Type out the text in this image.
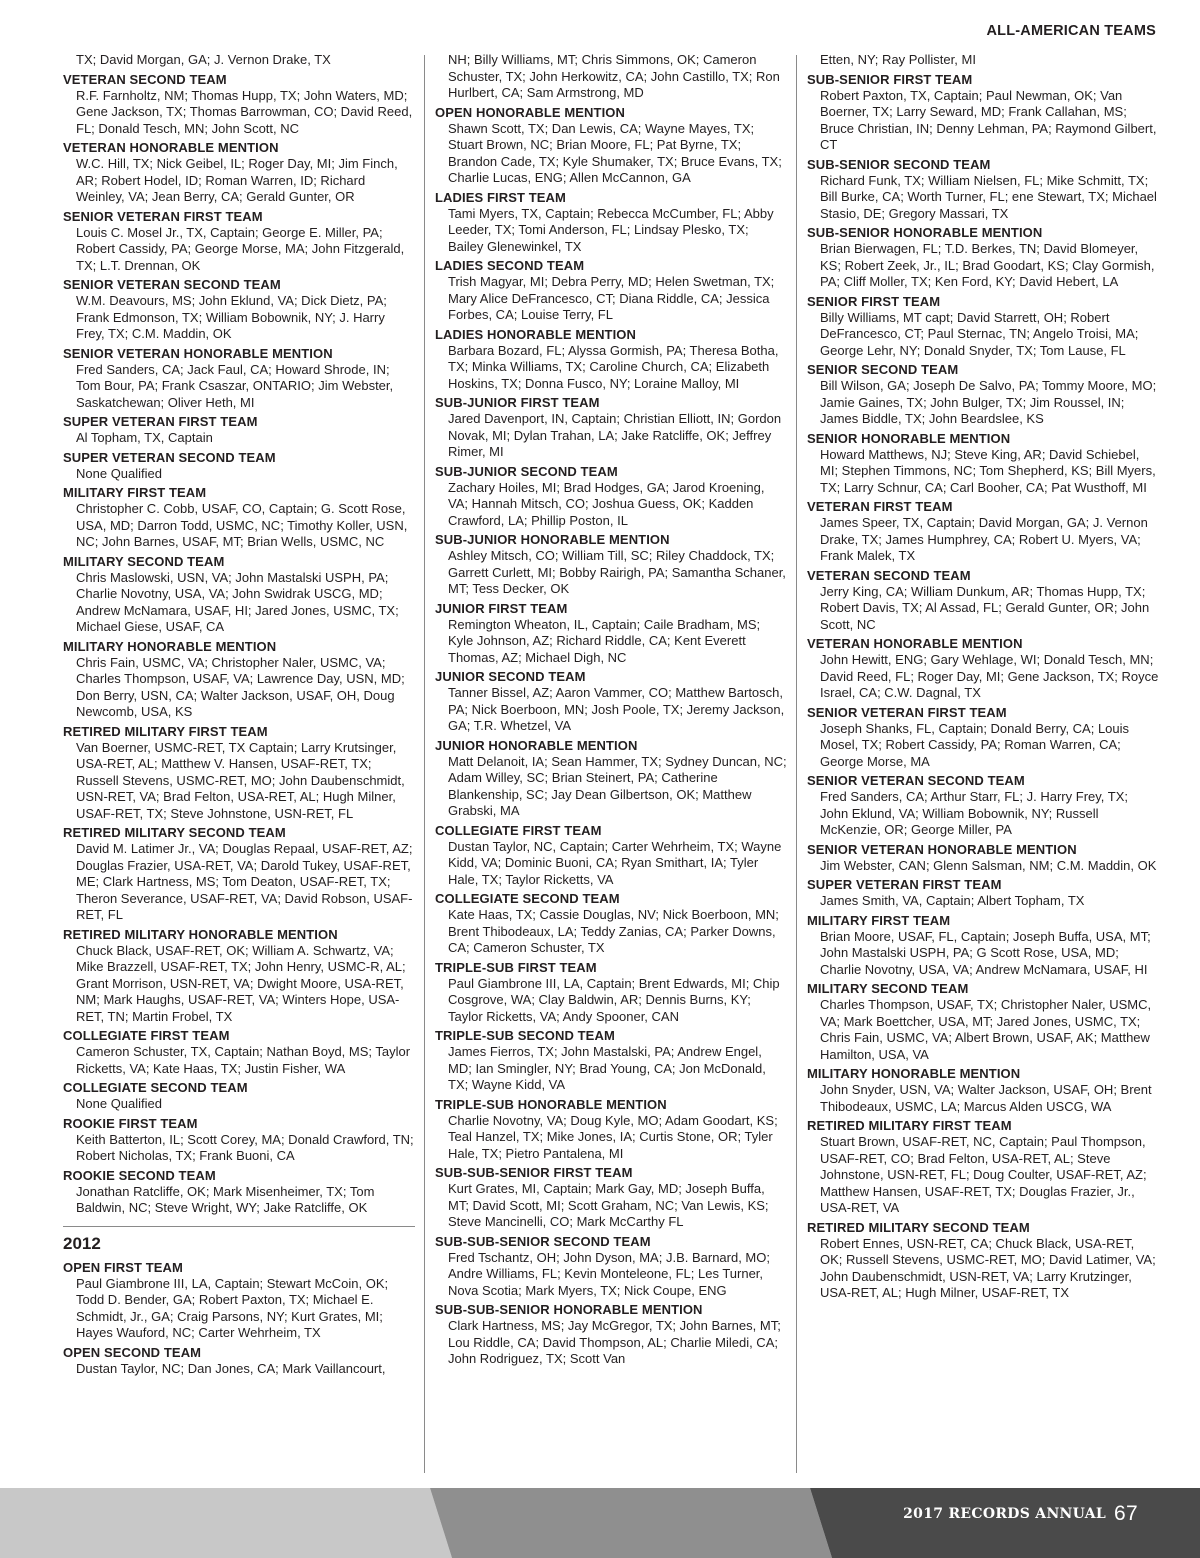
ALL-AMERICAN TEAMS
TX; David Morgan, GA; J. Vernon Drake, TX
VETERAN SECOND TEAM
R.F. Farnholtz, NM; Thomas Hupp, TX; John Waters, MD; Gene Jackson, TX; Thomas Barrowman, CO; David Reed, FL; Donald Tesch, MN; John Scott, NC
VETERAN HONORABLE MENTION
W.C. Hill, TX; Nick Geibel, IL; Roger Day, MI; Jim Finch, AR; Robert Hodel, ID; Roman Warren, ID; Richard Weinley, VA; Jean Berry, CA; Gerald Gunter, OR
SENIOR VETERAN FIRST TEAM
Louis C. Mosel Jr., TX, Captain; George E. Miller, PA; Robert Cassidy, PA; George Morse, MA; John Fitzgerald, TX; L.T. Drennan, OK
SENIOR VETERAN SECOND TEAM
W.M. Deavours, MS; John Eklund, VA; Dick Dietz, PA; Frank Edmonson, TX; William Bobownik, NY; J. Harry Frey, TX; C.M. Maddin, OK
SENIOR VETERAN HONORABLE MENTION
Fred Sanders, CA; Jack Faul, CA; Howard Shrode, IN; Tom Bour, PA; Frank Csaszar, ONTARIO; Jim Webster, Saskatchewan; Oliver Heth, MI
SUPER VETERAN FIRST TEAM
Al Topham, TX, Captain
SUPER VETERAN SECOND TEAM
None Qualified
MILITARY FIRST TEAM
Christopher C. Cobb, USAF, CO, Captain; G. Scott Rose, USA, MD; Darron Todd, USMC, NC; Timothy Koller, USN, NC; John Barnes, USAF, MT; Brian Wells, USMC, NC
MILITARY SECOND TEAM
Chris Maslowski, USN, VA; John Mastalski USPH, PA; Charlie Novotny, USA, VA; John Swidrak USCG, MD; Andrew McNamara, USAF, HI; Jared Jones, USMC, TX; Michael Giese, USAF, CA
MILITARY HONORABLE MENTION
Chris Fain, USMC, VA; Christopher Naler, USMC, VA; Charles Thompson, USAF, VA; Lawrence Day, USN, MD; Don Berry, USN, CA; Walter Jackson, USAF, OH, Doug Newcomb, USA, KS
RETIRED MILITARY FIRST TEAM
Van Boerner, USMC-RET, TX Captain; Larry Krutsinger, USA-RET, AL; Matthew V. Hansen, USAF-RET, TX; Russell Stevens, USMC-RET, MO; John Daubenschmidt, USN-RET, VA; Brad Felton, USA-RET, AL; Hugh Milner, USAF-RET, TX; Steve Johnstone, USN-RET, FL
RETIRED MILITARY SECOND TEAM
David M. Latimer Jr., VA; Douglas Repaal, USAF-RET, AZ; Douglas Frazier, USA-RET, VA; Darold Tukey, USAF-RET, ME; Clark Hartness, MS; Tom Deaton, USAF-RET, TX; Theron Severance, USAF-RET, VA; David Robson, USAF-RET, FL
RETIRED MILITARY HONORABLE MENTION
Chuck Black, USAF-RET, OK; William A. Schwartz, VA; Mike Brazzell, USAF-RET, TX; John Henry, USMC-R, AL; Grant Morrison, USN-RET, VA; Dwight Moore, USA-RET, NM; Mark Haughs, USAF-RET, VA; Winters Hope, USA-RET, TN; Martin Frobel, TX
COLLEGIATE FIRST TEAM
Cameron Schuster, TX, Captain; Nathan Boyd, MS; Taylor Ricketts, VA; Kate Haas, TX; Justin Fisher, WA
COLLEGIATE SECOND TEAM
None Qualified
ROOKIE FIRST TEAM
Keith Batterton, IL; Scott Corey, MA; Donald Crawford, TN; Robert Nicholas, TX; Frank Buoni, CA
ROOKIE SECOND TEAM
Jonathan Ratcliffe, OK; Mark Misenheimer, TX; Tom Baldwin, NC; Steve Wright, WY; Jake Ratcliffe, OK
2012
OPEN FIRST TEAM
Paul Giambrone III, LA, Captain; Stewart McCoin, OK; Todd D. Bender, GA; Robert Paxton, TX; Michael E. Schmidt, Jr., GA; Craig Parsons, NY; Kurt Grates, MI; Hayes Wauford, NC; Carter Wehrheim, TX
OPEN SECOND TEAM
Dustan Taylor, NC; Dan Jones, CA; Mark Vaillancourt,
NH; Billy Williams, MT; Chris Simmons, OK; Cameron Schuster, TX; John Herkowitz, CA; John Castillo, TX; Ron Hurlbert, CA; Sam Armstrong, MD
OPEN HONORABLE MENTION
Shawn Scott, TX; Dan Lewis, CA; Wayne Mayes, TX; Stuart Brown, NC; Brian Moore, FL; Pat Byrne, TX; Brandon Cade, TX; Kyle Shumaker, TX; Bruce Evans, TX; Charlie Lucas, ENG; Allen McCannon, GA
LADIES FIRST TEAM
Tami Myers, TX, Captain; Rebecca McCumber, FL; Abby Leeder, TX; Tomi Anderson, FL; Lindsay Plesko, TX; Bailey Glenewinkel, TX
LADIES SECOND TEAM
Trish Magyar, MI; Debra Perry, MD; Helen Swetman, TX; Mary Alice DeFrancesco, CT; Diana Riddle, CA; Jessica Forbes, CA; Louise Terry, FL
LADIES HONORABLE MENTION
Barbara Bozard, FL; Alyssa Gormish, PA; Theresa Botha, TX; Minka Williams, TX; Caroline Church, CA; Elizabeth Hoskins, TX; Donna Fusco, NY; Loraine Malloy, MI
SUB-JUNIOR FIRST TEAM
Jared Davenport, IN, Captain; Christian Elliott, IN; Gordon Novak, MI; Dylan Trahan, LA; Jake Ratcliffe, OK; Jeffrey Rimer, MI
SUB-JUNIOR SECOND TEAM
Zachary Hoiles, MI; Brad Hodges, GA; Jarod Kroening, VA; Hannah Mitsch, CO; Joshua Guess, OK; Kadden Crawford, LA; Phillip Poston, IL
SUB-JUNIOR HONORABLE MENTION
Ashley Mitsch, CO; William Till, SC; Riley Chaddock, TX; Garrett Curlett, MI; Bobby Rairigh, PA; Samantha Schaner, MT; Tess Decker, OK
JUNIOR FIRST TEAM
Remington Wheaton, IL, Captain; Caile Bradham, MS; Kyle Johnson, AZ; Richard Riddle, CA; Kent Everett Thomas, AZ; Michael Digh, NC
JUNIOR SECOND TEAM
Tanner Bissel, AZ; Aaron Vammer, CO; Matthew Bartosch, PA; Nick Boerboon, MN; Josh Poole, TX; Jeremy Jackson, GA; T.R. Whetzel, VA
JUNIOR HONORABLE MENTION
Matt Delanoit, IA; Sean Hammer, TX; Sydney Duncan, NC; Adam Willey, SC; Brian Steinert, PA; Catherine Blankenship, SC; Jay Dean Gilbertson, OK; Matthew Grabski, MA
COLLEGIATE FIRST TEAM
Dustan Taylor, NC, Captain; Carter Wehrheim, TX; Wayne Kidd, VA; Dominic Buoni, CA; Ryan Smithart, IA; Tyler Hale, TX; Taylor Ricketts, VA
COLLEGIATE SECOND TEAM
Kate Haas, TX; Cassie Douglas, NV; Nick Boerboon, MN; Brent Thibodeaux, LA; Teddy Zanias, CA; Parker Downs, CA; Cameron Schuster, TX
TRIPLE-SUB FIRST TEAM
Paul Giambrone III, LA, Captain; Brent Edwards, MI; Chip Cosgrove, WA; Clay Baldwin, AR; Dennis Burns, KY; Taylor Ricketts, VA; Andy Spooner, CAN
TRIPLE-SUB SECOND TEAM
James Fierros, TX; John Mastalski, PA; Andrew Engel, MD; Ian Smingler, NY; Brad Young, CA; Jon McDonald, TX; Wayne Kidd, VA
TRIPLE-SUB HONORABLE MENTION
Charlie Novotny, VA; Doug Kyle, MO; Adam Goodart, KS; Teal Hanzel, TX; Mike Jones, IA; Curtis Stone, OR; Tyler Hale, TX; Pietro Pantalena, MI
SUB-SUB-SENIOR FIRST TEAM
Kurt Grates, MI, Captain; Mark Gay, MD; Joseph Buffa, MT; David Scott, MI; Scott Graham, NC; Van Lewis, KS; Steve Mancinelli, CO; Mark McCarthy FL
SUB-SUB-SENIOR SECOND TEAM
Fred Tschantz, OH; John Dyson, MA; J.B. Barnard, MO; Andre Williams, FL; Kevin Monteleone, FL; Les Turner, Nova Scotia; Mark Myers, TX; Nick Coupe, ENG
SUB-SUB-SENIOR HONORABLE MENTION
Clark Hartness, MS; Jay McGregor, TX; John Barnes, MT; Lou Riddle, CA; David Thompson, AL; Charlie Miledi, CA; John Rodriguez, TX; Scott Van
Etten, NY; Ray Pollister, MI
SUB-SENIOR FIRST TEAM
Robert Paxton, TX, Captain; Paul Newman, OK; Van Boerner, TX; Larry Seward, MD; Frank Callahan, MS; Bruce Christian, IN; Denny Lehman, PA; Raymond Gilbert, CT
SUB-SENIOR SECOND TEAM
Richard Funk, TX; William Nielsen, FL; Mike Schmitt, TX; Bill Burke, CA; Worth Turner, FL; ene Stewart, TX; Michael Stasio, DE; Gregory Massari, TX
SUB-SENIOR HONORABLE MENTION
Brian Bierwagen, FL; T.D. Berkes, TN; David Blomeyer, KS; Robert Zeek, Jr., IL; Brad Goodart, KS; Clay Gormish, PA; Cliff Moller, TX; Ken Ford, KY; David Hebert, LA
SENIOR FIRST TEAM
Billy Williams, MT capt; David Starrett, OH; Robert DeFrancesco, CT; Paul Sternac, TN; Angelo Troisi, MA; George Lehr, NY; Donald Snyder, TX; Tom Lause, FL
SENIOR SECOND TEAM
Bill Wilson, GA; Joseph De Salvo, PA; Tommy Moore, MO; Jamie Gaines, TX; John Bulger, TX; Jim Roussel, IN; James Biddle, TX; John Beardslee, KS
SENIOR HONORABLE MENTION
Howard Matthews, NJ; Steve King, AR; David Schiebel, MI; Stephen Timmons, NC; Tom Shepherd, KS; Bill Myers, TX; Larry Schnur, CA; Carl Booher, CA; Pat Wusthoff, MI
VETERAN FIRST TEAM
James Speer, TX, Captain; David Morgan, GA; J. Vernon Drake, TX; James Humphrey, CA; Robert U. Myers, VA; Frank Malek, TX
VETERAN SECOND TEAM
Jerry King, CA; William Dunkum, AR; Thomas Hupp, TX; Robert Davis, TX; Al Assad, FL; Gerald Gunter, OR; John Scott, NC
VETERAN HONORABLE MENTION
John Hewitt, ENG; Gary Wehlage, WI; Donald Tesch, MN; David Reed, FL; Roger Day, MI; Gene Jackson, TX; Royce Israel, CA; C.W. Dagnal, TX
SENIOR VETERAN FIRST TEAM
Joseph Shanks, FL, Captain; Donald Berry, CA; Louis Mosel, TX; Robert Cassidy, PA; Roman Warren, CA; George Morse, MA
SENIOR VETERAN SECOND TEAM
Fred Sanders, CA; Arthur Starr, FL; J. Harry Frey, TX; John Eklund, VA; William Bobownik, NY; Russell McKenzie, OR; George Miller, PA
SENIOR VETERAN HONORABLE MENTION
Jim Webster, CAN; Glenn Salsman, NM; C.M. Maddin, OK
SUPER VETERAN FIRST TEAM
James Smith, VA, Captain; Albert Topham, TX
MILITARY FIRST TEAM
Brian Moore, USAF, FL, Captain; Joseph Buffa, USA, MT; John Mastalski USPH, PA; G Scott Rose, USA, MD; Charlie Novotny, USA, VA; Andrew McNamara, USAF, HI
MILITARY SECOND TEAM
Charles Thompson, USAF, TX; Christopher Naler, USMC, VA; Mark Boettcher, USA, MT; Jared Jones, USMC, TX; Chris Fain, USMC, VA; Albert Brown, USAF, AK; Matthew Hamilton, USA, VA
MILITARY HONORABLE MENTION
John Snyder, USN, VA; Walter Jackson, USAF, OH; Brent Thibodeaux, USMC, LA; Marcus Alden USCG, WA
RETIRED MILITARY FIRST TEAM
Stuart Brown, USAF-RET, NC, Captain; Paul Thompson, USAF-RET, CO; Brad Felton, USA-RET, AL; Steve Johnstone, USN-RET, FL; Doug Coulter, USAF-RET, AZ; Matthew Hansen, USAF-RET, TX; Douglas Frazier, Jr., USA-RET, VA
RETIRED MILITARY SECOND TEAM
Robert Ennes, USN-RET, CA; Chuck Black, USA-RET, OK; Russell Stevens, USMC-RET, MO; David Latimer, VA; John Daubenschmidt, USN-RET, VA; Larry Krutzinger, USA-RET, AL; Hugh Milner, USAF-RET, TX
2017 RECORDS ANNUAL 67
